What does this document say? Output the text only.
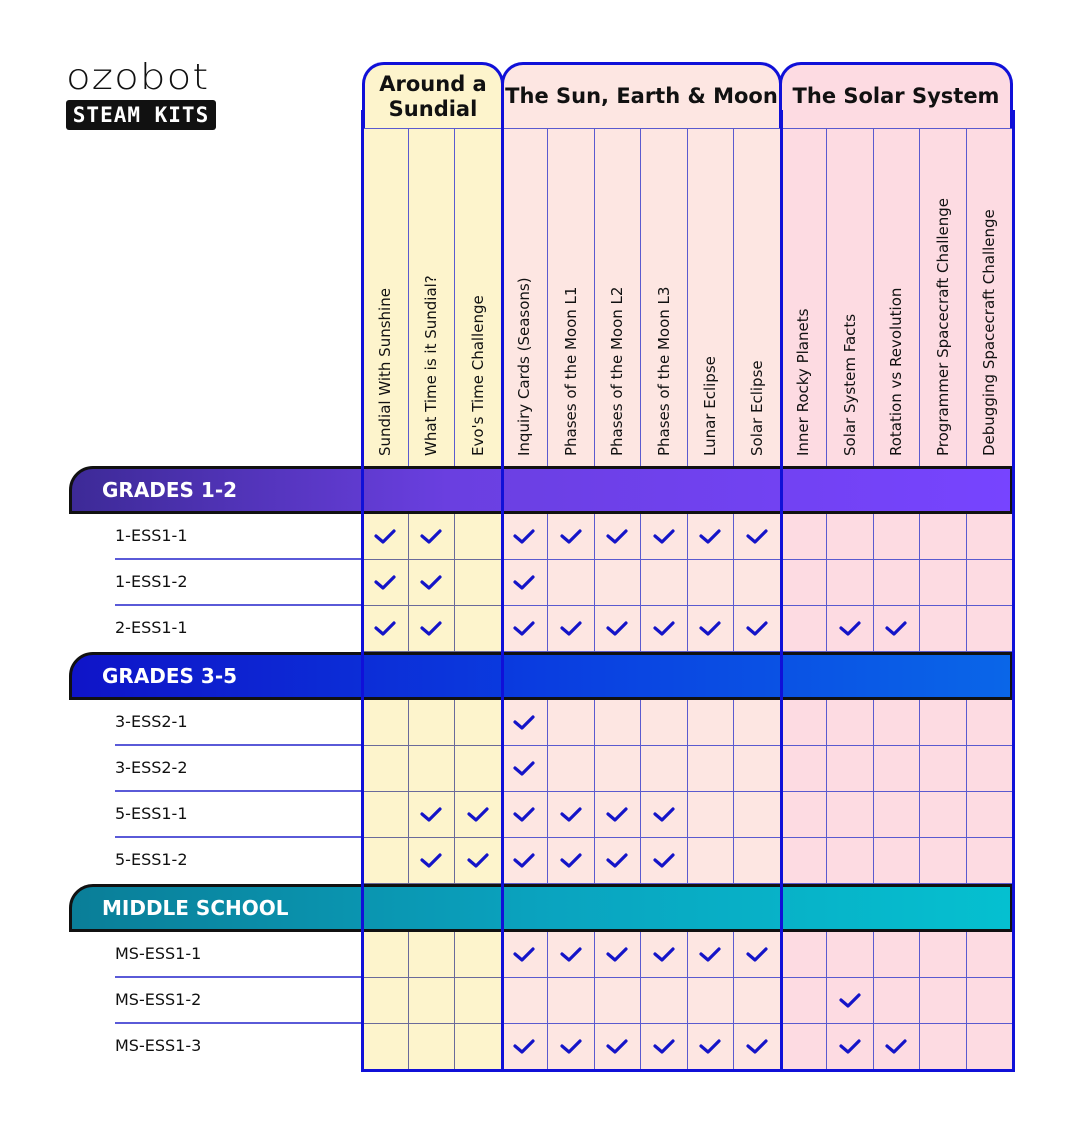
ozobot
STEAM KITS
Around a
Sundial
The Sun, Earth & Moon The Solar System
Sundial With Sunshine What Time is it Sundial? Evo's Time Challenge Inquiry Cards (Seasons) Phases of the Moon L1 Phases of the Moon L2 Phases of the Moon L3 Lunar Eclipse Solar Eclipse Inner Rocky Planets Solar System Facts Rotation vs Revolution Programmer Spacecraft Challenge Debugging Spacecraft Challenge
GRADES 1-2
1-ESS1-1
1-ESS1-2
2-ESS1-1
GRADES 3-5
3-ESS2-1
3-ESS2-2
5-ESS1-1
5-ESS1-2
MIDDLE SCHOOL
MS-ESS1-1
MS-ESS1-2
MS-ESS1-3
